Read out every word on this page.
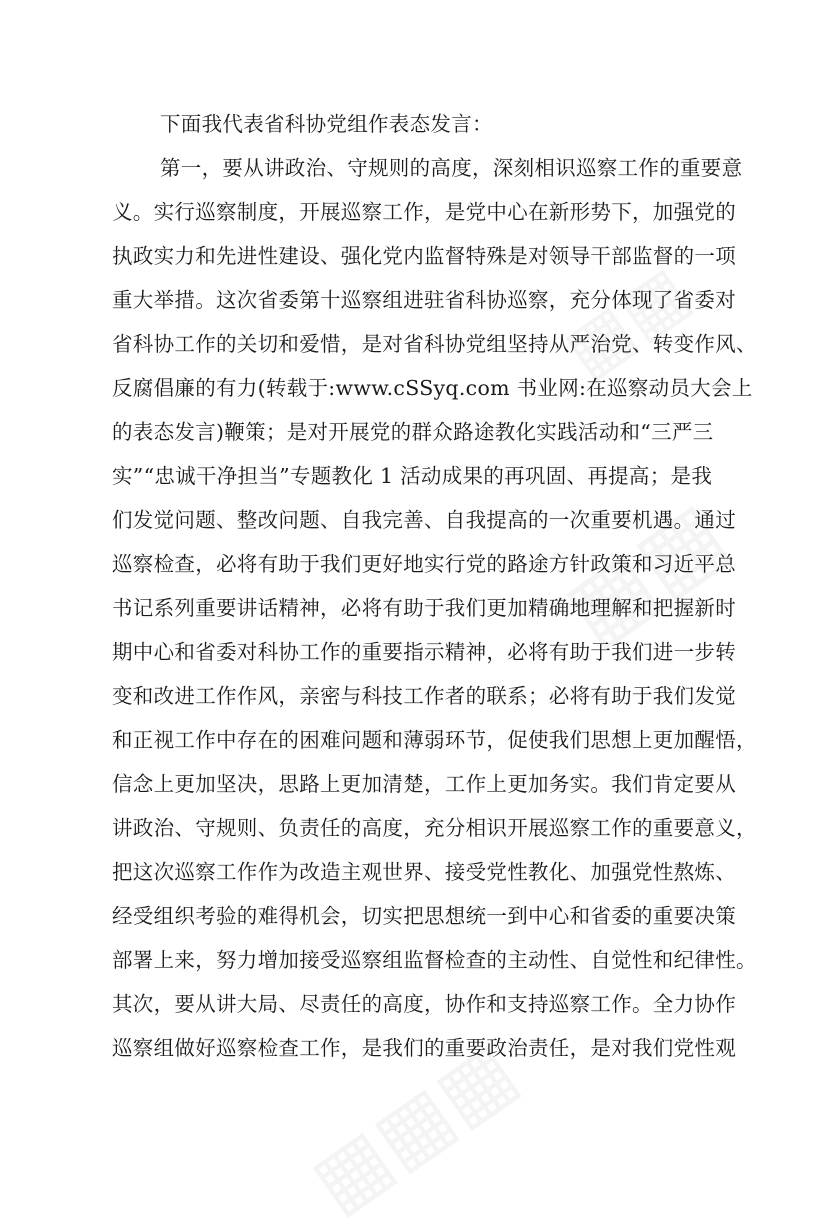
下面我代表省科协党组作表态发言：
第一，要从讲政治、守规则的高度，深刻相识巡察工作的重要意
义。实行巡察制度，开展巡察工作，是党中心在新形势下，加强党的
执政实力和先进性建设、强化党内监督特殊是对领导干部监督的一项
重大举措。这次省委第十巡察组进驻省科协巡察，充分体现了省委对
省科协工作的关切和爱惜，是对省科协党组坚持从严治党、转变作风、
反腐倡廉的有力(转载于:www.cSSyq.com 书业网:在巡察动员大会上
的表态发言)鞭策；是对开展党的群众路途教化实践活动和“三严三
实”“忠诚干净担当”专题教化 1 活动成果的再巩固、再提高；是我
们发觉问题、整改问题、自我完善、自我提高的一次重要机遇。通过
巡察检查，必将有助于我们更好地实行党的路途方针政策和习近平总
书记系列重要讲话精神，必将有助于我们更加精确地理解和把握新时
期中心和省委对科协工作的重要指示精神，必将有助于我们进一步转
变和改进工作作风，亲密与科技工作者的联系；必将有助于我们发觉
和正视工作中存在的困难问题和薄弱环节，促使我们思想上更加醒悟，
信念上更加坚决，思路上更加清楚，工作上更加务实。我们肯定要从
讲政治、守规则、负责任的高度，充分相识开展巡察工作的重要意义，
把这次巡察工作作为改造主观世界、接受党性教化、加强党性熬炼、
经受组织考验的难得机会，切实把思想统一到中心和省委的重要决策
部署上来，努力增加接受巡察组监督检查的主动性、自觉性和纪律性。
其次，要从讲大局、尽责任的高度，协作和支持巡察工作。全力协作
巡察组做好巡察检查工作，是我们的重要政治责任，是对我们党性观
